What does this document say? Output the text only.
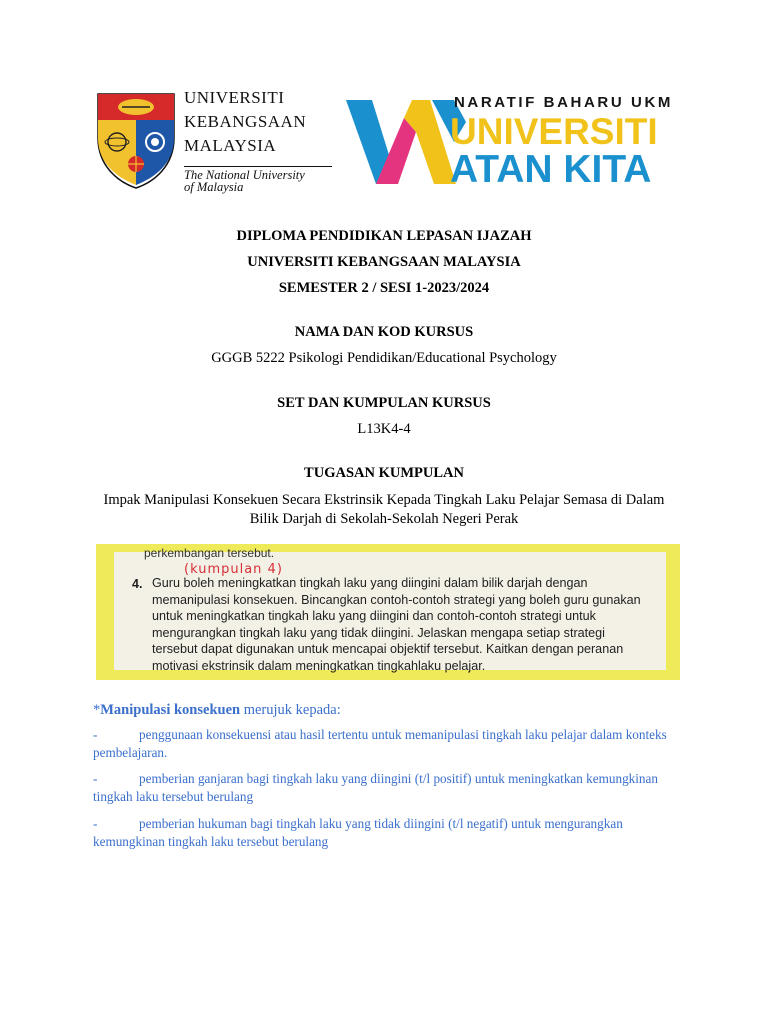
UNIVERSITI
KEBANGSAAN
MALAYSIA
The National University
of Malaysia
NARATIF BAHARU UKM
UNIVERSITI
ATAN KITA
DIPLOMA PENDIDIKAN LEPASAN IJAZAH
UNIVERSITI KEBANGSAAN MALAYSIA
SEMESTER 2 / SESI 1-2023/2024
NAMA DAN KOD KURSUS
GGGB 5222 Psikologi Pendidikan/Educational Psychology
SET DAN KUMPULAN KURSUS
L13K4-4
TUGASAN KUMPULAN
Impak Manipulasi Konsekuen Secara Ekstrinsik Kepada Tingkah Laku Pelajar Semasa di Dalam Bilik Darjah di Sekolah-Sekolah Negeri Perak
perkembangan tersebut.
(kumpulan 4)
4. Guru boleh meningkatkan tingkah laku yang diingini dalam bilik darjah dengan
memanipulasi konsekuen. Bincangkan contoh-contoh strategi yang boleh guru gunakan
untuk meningkatkan tingkah laku yang diingini dan contoh-contoh strategi untuk
mengurangkan tingkah laku yang tidak diingini. Jelaskan mengapa setiap strategi
tersebut dapat digunakan untuk mencapai objektif tersebut. Kaitkan dengan peranan
motivasi ekstrinsik dalam meningkatkan tingkahlaku pelajar.
*Manipulasi konsekuen merujuk kepada:
-	penggunaan konsekuensi atau hasil tertentu untuk memanipulasi tingkah laku pelajar dalam konteks pembelajaran.
-	pemberian ganjaran bagi tingkah laku yang diingini (t/l positif) untuk meningkatkan kemungkinan tingkah laku tersebut berulang
-	pemberian hukuman bagi tingkah laku yang tidak diingini (t/l negatif) untuk mengurangkan kemungkinan tingkah laku tersebut berulang
